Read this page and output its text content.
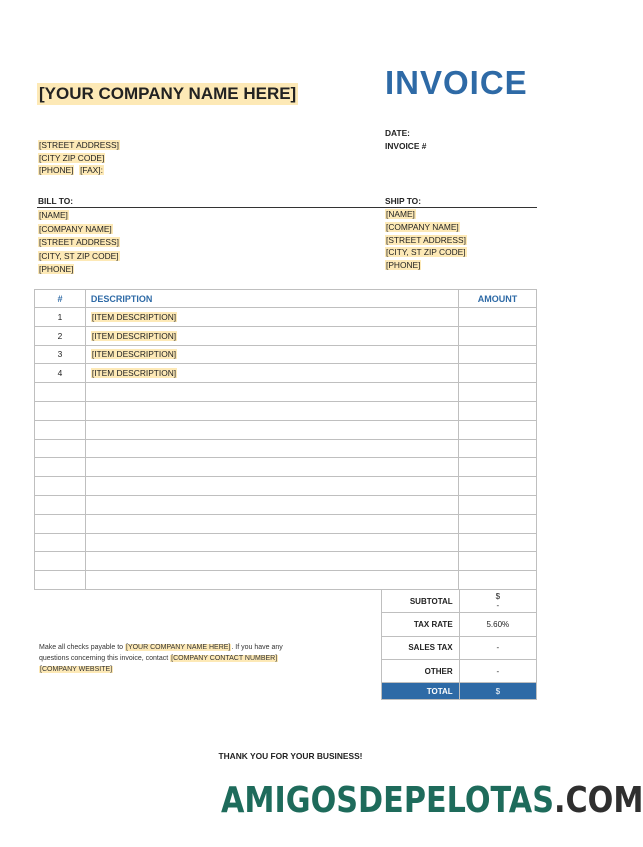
[YOUR COMPANY NAME HERE]	INVOICE
[STREET ADDRESS]
[CITY ZIP CODE]
[PHONE] [FAX]:
DATE:
INVOICE #
BILL TO:	SHIP TO:
[NAME]
[COMPANY NAME]
[STREET ADDRESS]
[CITY, ST ZIP CODE]
[PHONE]
[NAME]
[COMPANY NAME]
[STREET ADDRESS]
[CITY, ST ZIP CODE]
[PHONE]
#	DESCRIPTION	AMOUNT
1	[ITEM DESCRIPTION]	
2	[ITEM DESCRIPTION]	
3	[ITEM DESCRIPTION]	
4	[ITEM DESCRIPTION]	

SUBTOTAL	$
-

TAX RATE	5.60%
SALES TAX	-
OTHER	-
TOTAL	$
Make all checks payable to [YOUR COMPANY NAME HERE]. If you have any questions concerning this invoice, contact [COMPANY CONTACT NUMBER]
[COMPANY WEBSITE]
THANK YOU FOR YOUR BUSINESS!
AMIGOSDEPELOTAS.COM
